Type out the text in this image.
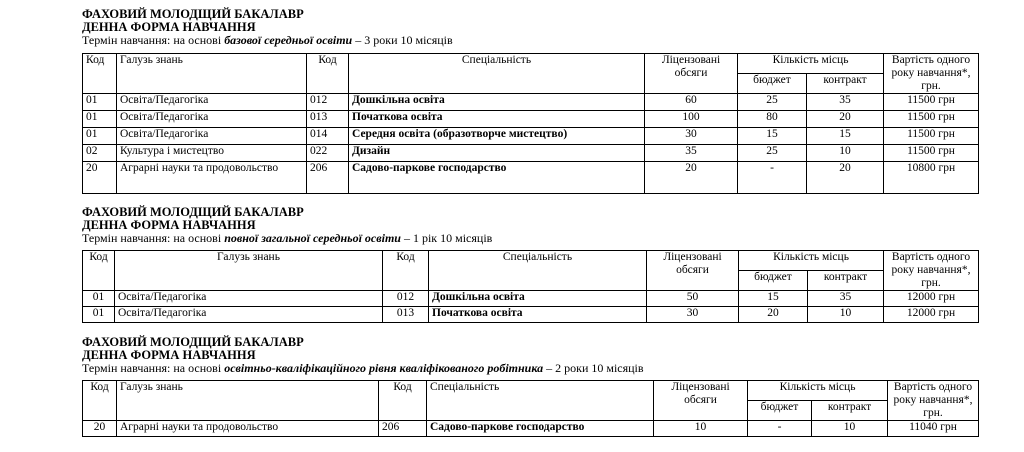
ФАХОВИЙ МОЛОДЩИЙ БАКАЛАВР

ДЕННА ФОРМА НАВЧАННЯ

Термін навчання: на основі базової середньої освіти – 3 роки 10 місяців

Код	Галузь знань	Код	Спеціальність	Ліцензовані обсяги	Кількість місць		Вартість одного року навчання*, грн.
					бюджет	контракт	
01	Освіта/Педагогіка	012	Дошкільна освіта	60	25	35	11500 грн
01	Освіта/Педагогіка	013	Початкова освіта	100	80	20	11500 грн
01	Освіта/Педагогіка	014	Середня освіта (образотворче мистецтво)	30	15	15	11500 грн
02	Культура і мистецтво	022	Дизайн	35	25	10	11500 грн
20	Аграрні науки та продовольство	206	Садово-паркове господарство	20	-	20	10800 грн

ФАХОВИЙ МОЛОДЩИЙ БАКАЛАВР

ДЕННА ФОРМА НАВЧАННЯ

Термін навчання: на основі повної загальної середньої освіти – 1 рік 10 місяців

Код	Галузь знань	Код	Спеціальність	Ліцензовані обсяги	Кількість місць		Вартість одного року навчання*, грн.
					бюджет	контракт	
01	Освіта/Педагогіка	012	Дошкільна освіта	50	15	35	12000 грн
01	Освіта/Педагогіка	013	Початкова освіта	30	20	10	12000 грн

ФАХОВИЙ МОЛОДЩИЙ БАКАЛАВР

ДЕННА ФОРМА НАВЧАННЯ

Термін навчання: на основі освітньо-кваліфікаційного рівня кваліфікованого робітника – 2 роки 10 місяців

Код	Галузь знань	Код	Спеціальність	Ліцензовані обсяги	Кількість місць		Вартість одного року навчання*, грн.
					бюджет	контракт	
20	Аграрні науки та продовольство	206	Садово-паркове господарство	10	-	10	11040 грн
